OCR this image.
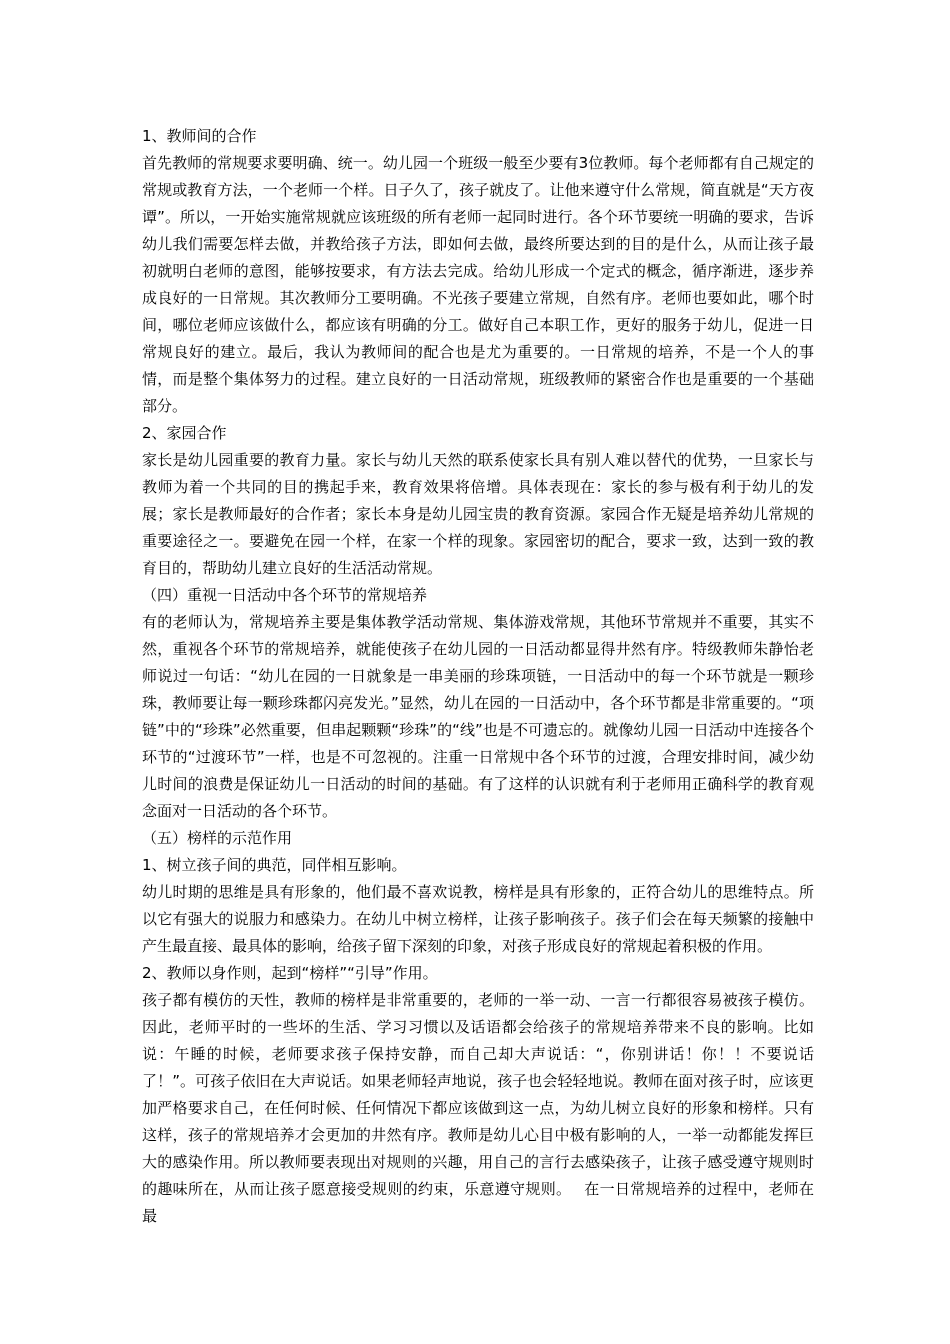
1、教师间的合作

首先教师的常规要求要明确、统一。幼儿园一个班级一般至少要有3位教师。每个老师都有自己规定的常规或教育方法，一个老师一个样。日子久了，孩子就皮了。让他来遵守什么常规，简直就是“天方夜谭”。所以，一开始实施常规就应该班级的所有老师一起同时进行。各个环节要统一明确的要求，告诉幼儿我们需要怎样去做，并教给孩子方法，即如何去做，最终所要达到的目的是什么，从而让孩子最初就明白老师的意图，能够按要求，有方法去完成。给幼儿形成一个定式的概念，循序渐进，逐步养成良好的一日常规。其次教师分工要明确。不光孩子要建立常规，自然有序。老师也要如此，哪个时间，哪位老师应该做什么，都应该有明确的分工。做好自己本职工作，更好的服务于幼儿，促进一日常规良好的建立。最后，我认为教师间的配合也是尤为重要的。一日常规的培养，不是一个人的事情，而是整个集体努力的过程。建立良好的一日活动常规，班级教师的紧密合作也是重要的一个基础部分。

2、家园合作

家长是幼儿园重要的教育力量。家长与幼儿天然的联系使家长具有别人难以替代的优势，一旦家长与教师为着一个共同的目的携起手来，教育效果将倍增。具体表现在：家长的参与极有利于幼儿的发展；家长是教师最好的合作者；家长本身是幼儿园宝贵的教育资源。家园合作无疑是培养幼儿常规的重要途径之一。要避免在园一个样，在家一个样的现象。家园密切的配合，要求一致，达到一致的教育目的，帮助幼儿建立良好的生活活动常规。

（四）重视一日活动中各个环节的常规培养

有的老师认为，常规培养主要是集体教学活动常规、集体游戏常规，其他环节常规并不重要，其实不然，重视各个环节的常规培养，就能使孩子在幼儿园的一日活动都显得井然有序。特级教师朱静怡老师说过一句话：“幼儿在园的一日就象是一串美丽的珍珠项链，一日活动中的每一个环节就是一颗珍珠，教师要让每一颗珍珠都闪亮发光。”显然，幼儿在园的一日活动中，各个环节都是非常重要的。“项链”中的“珍珠”必然重要，但串起颗颗“珍珠”的“线”也是不可遗忘的。就像幼儿园一日活动中连接各个环节的“过渡环节”一样，也是不可忽视的。注重一日常规中各个环节的过渡，合理安排时间，减少幼儿时间的浪费是保证幼儿一日活动的时间的基础。有了这样的认识就有利于老师用正确科学的教育观念面对一日活动的各个环节。

（五）榜样的示范作用

1、树立孩子间的典范，同伴相互影响。

幼儿时期的思维是具有形象的，他们最不喜欢说教，榜样是具有形象的，正符合幼儿的思维特点。所以它有强大的说服力和感染力。在幼儿中树立榜样，让孩子影响孩子。孩子们会在每天频繁的接触中产生最直接、最具体的影响，给孩子留下深刻的印象，对孩子形成良好的常规起着积极的作用。

2、教师以身作则，起到“榜样”“引导”作用。

孩子都有模仿的天性，教师的榜样是非常重要的，老师的一举一动、一言一行都很容易被孩子模仿。因此，老师平时的一些坏的生活、学习习惯以及话语都会给孩子的常规培养带来不良的影响。比如说：午睡的时候，老师要求孩子保持安静，而自己却大声说话：“，你别讲话！你！！不要说话了！”。可孩子依旧在大声说话。如果老师轻声地说，孩子也会轻轻地说。教师在面对孩子时，应该更加严格要求自己，在任何时候、任何情况下都应该做到这一点，为幼儿树立良好的形象和榜样。只有这样，孩子的常规培养才会更加的井然有序。教师是幼儿心目中极有影响的人，一举一动都能发挥巨大的感染作用。所以教师要表现出对规则的兴趣，用自己的言行去感染孩子，让孩子感受遵守规则时的趣味所在，从而让孩子愿意接受规则的约束，乐意遵守规则。　 在一日常规培养的过程中，老师在最
